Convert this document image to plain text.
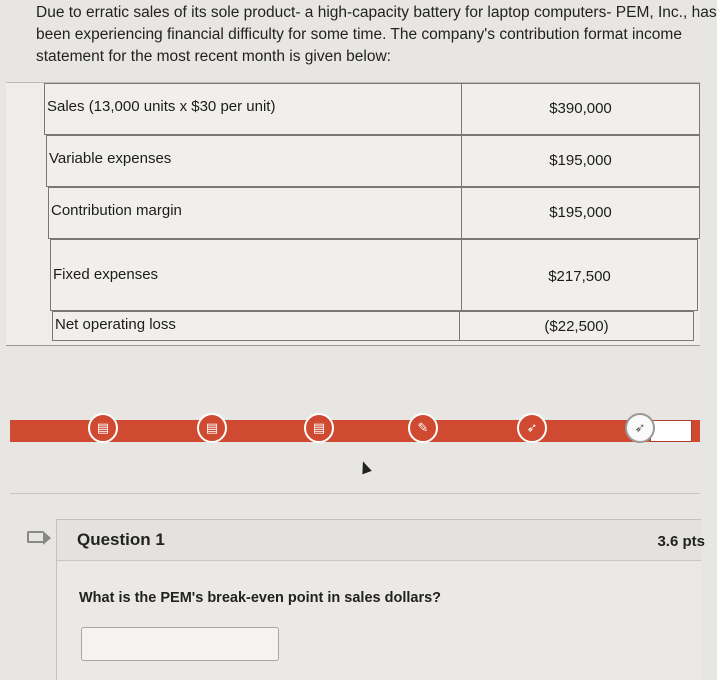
Due to erratic sales of its sole product- a high-capacity battery for laptop computers- PEM, Inc., has
been experiencing financial difficulty for some time. The company's contribution format income
statement for the most recent month is given below:
Sales (13,000 units x $30 per unit)	$390,000
Variable expenses	$195,000
Contribution margin	$195,000
Fixed expenses	$217,500
Net operating loss	($22,500)
▤	▤	▤	✎	➶	➶
Question 1	3.6 pts
What is the PEM's break-even point in sales dollars?
